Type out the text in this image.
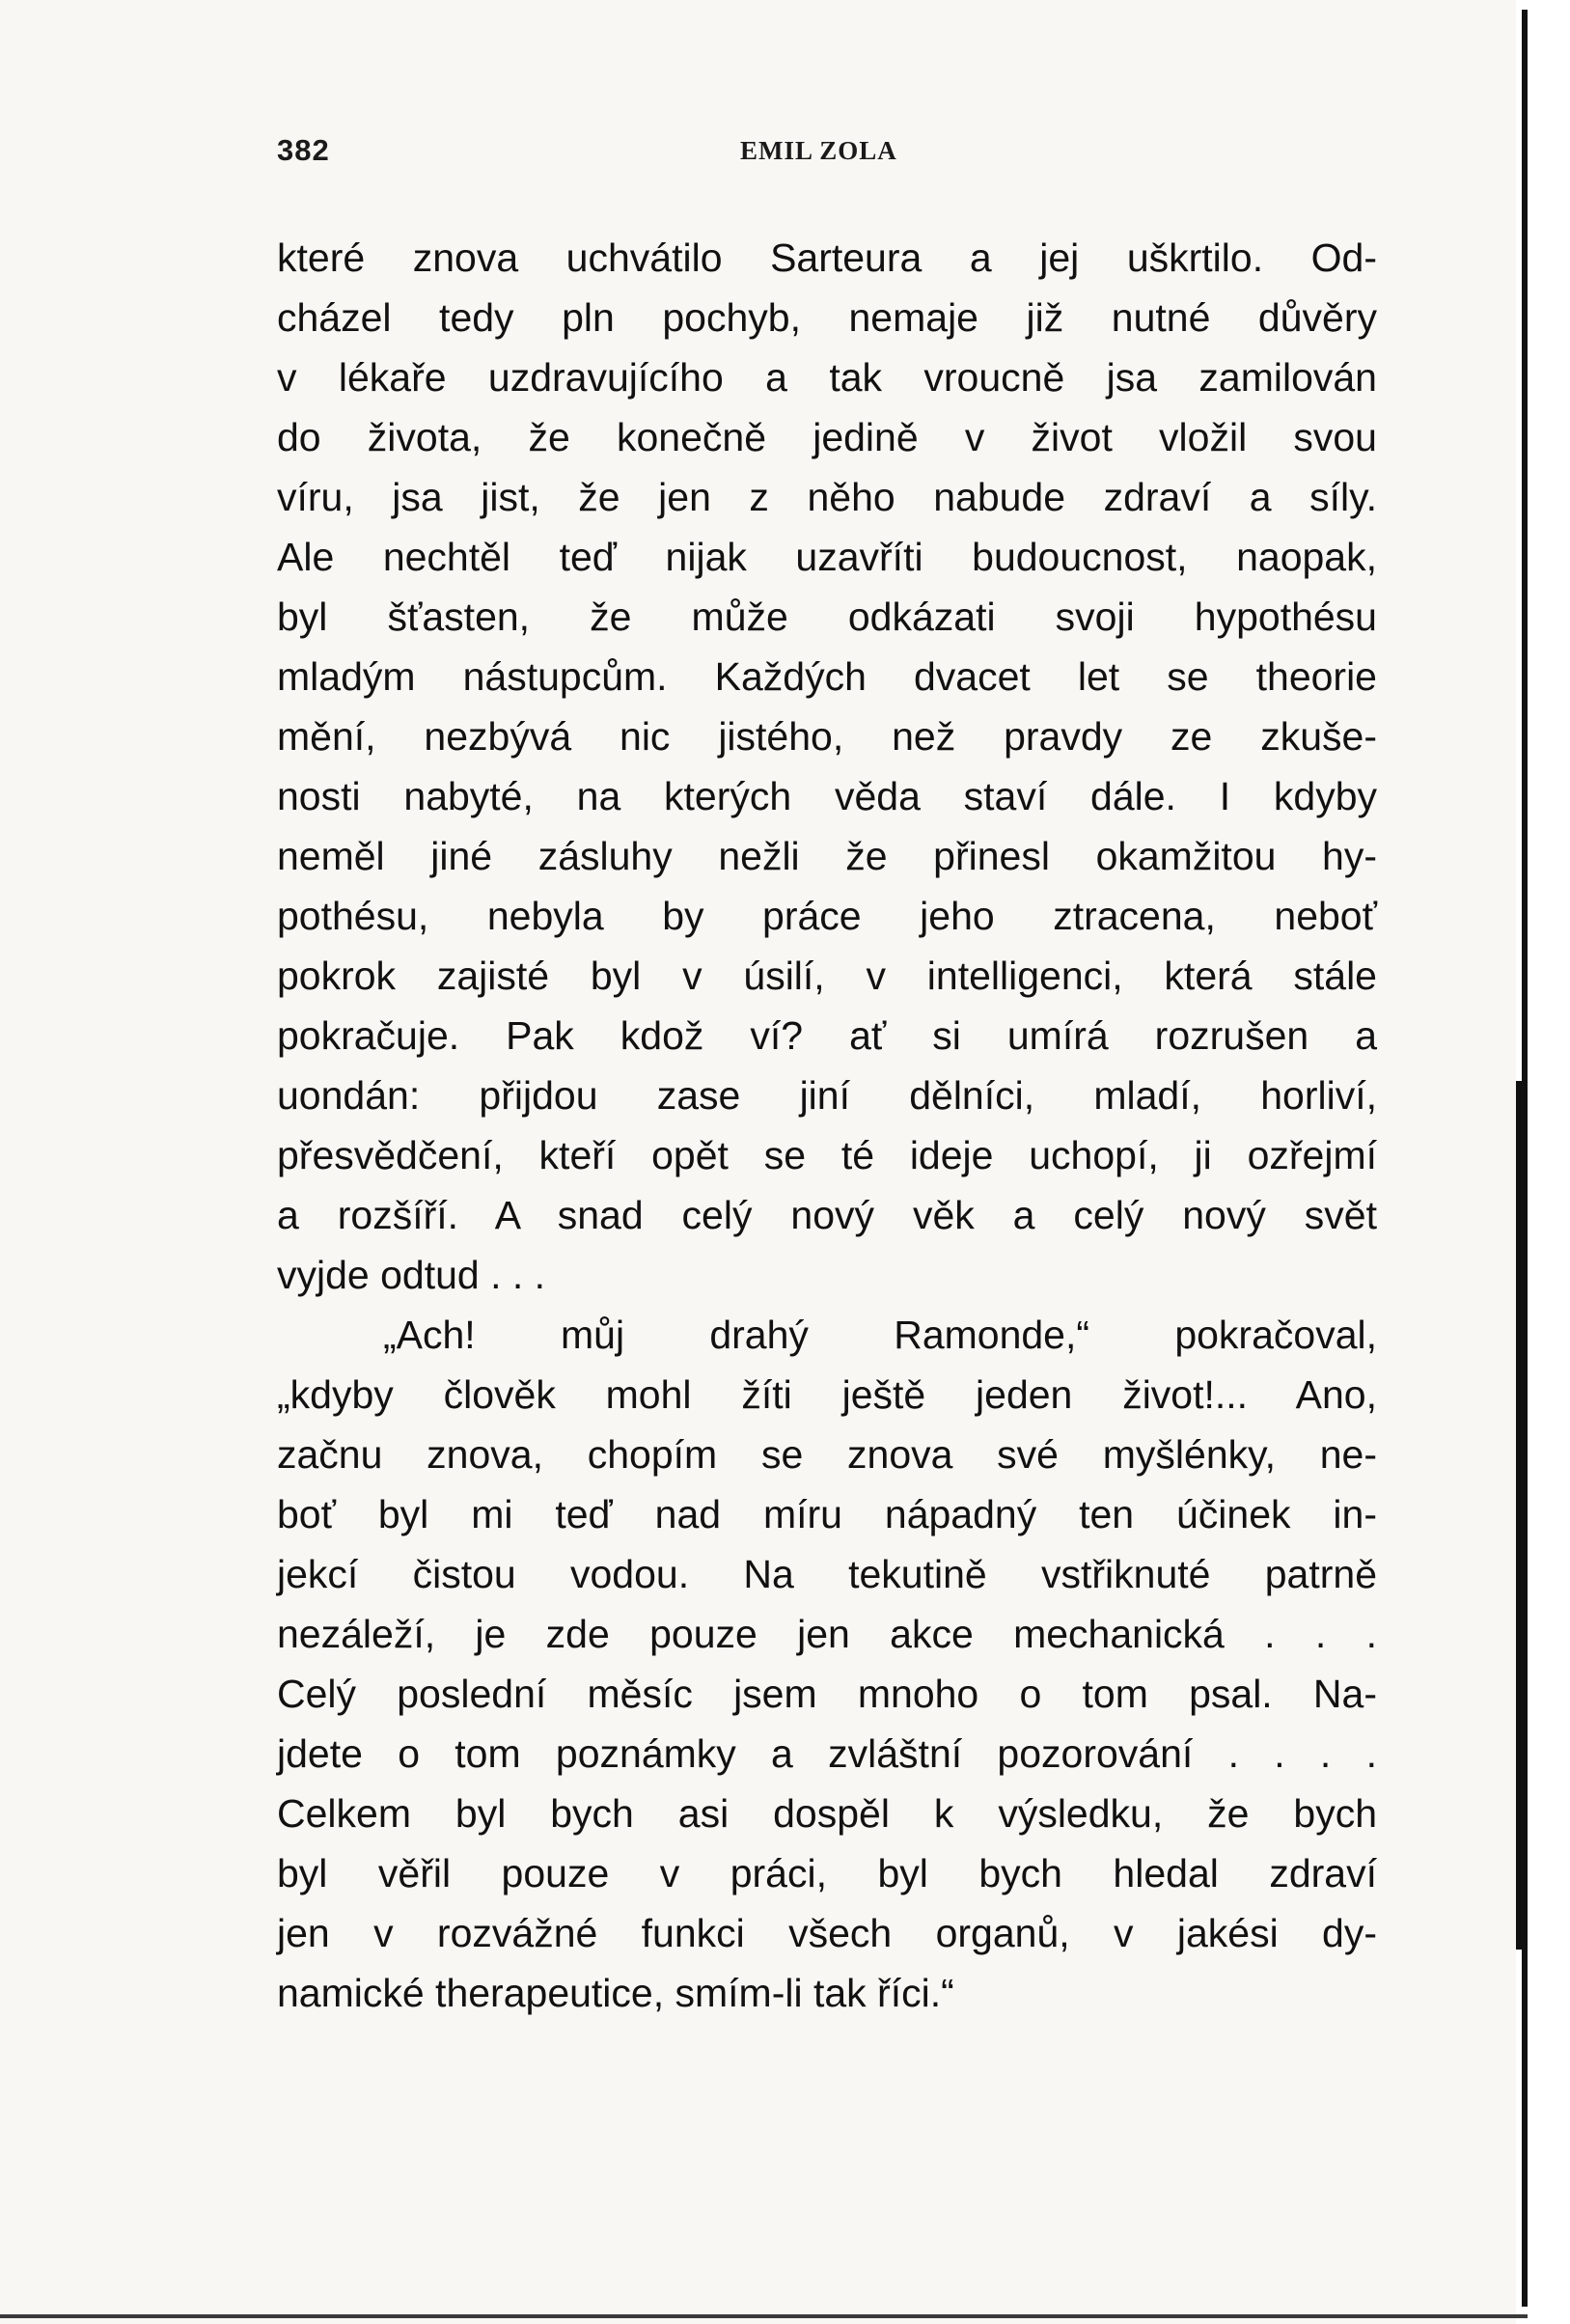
382	EMIL ZOLA
které znova uchvátilo Sarteura a jej uškrtilo. Od-
cházel tedy pln pochyb, nemaje již nutné důvěry
v lékaře uzdravujícího a tak vroucně jsa zamilován
do života, že konečně jedině v život vložil svou
víru, jsa jist, že jen z něho nabude zdraví a síly.
Ale nechtěl teď nijak uzavříti budoucnost, naopak,
byl šťasten, že může odkázati svoji hypothésu
mladým nástupcům. Každých dvacet let se theorie
mění, nezbývá nic jistého, než pravdy ze zkuše-
nosti nabyté, na kterých věda staví dále. I kdyby
neměl jiné zásluhy nežli že přinesl okamžitou hy-
pothésu, nebyla by práce jeho ztracena, neboť
pokrok zajisté byl v úsilí, v intelligenci, která stále
pokračuje. Pak kdož ví? ať si umírá rozrušen a
uondán: přijdou zase jiní dělníci, mladí, horliví,
přesvědčení, kteří opět se té ideje uchopí, ji ozřejmí
a rozšíří. A snad celý nový věk a celý nový svět
vyjde odtud . . .
„Ach! můj drahý Ramonde,“ pokračoval,
„kdyby člověk mohl žíti ještě jeden život!... Ano,
začnu znova, chopím se znova své myšlénky, ne-
boť byl mi teď nad míru nápadný ten účinek in-
jekcí čistou vodou. Na tekutině vstřiknuté patrně
nezáleží, je zde pouze jen akce mechanická . . .
Celý poslední měsíc jsem mnoho o tom psal. Na-
jdete o tom poznámky a zvláštní pozorování . . . .
Celkem byl bych asi dospěl k výsledku, že bych
byl věřil pouze v práci, byl bych hledal zdraví
jen v rozvážné funkci všech organů, v jakési dy-
namické therapeutice, smím-li tak říci.“
